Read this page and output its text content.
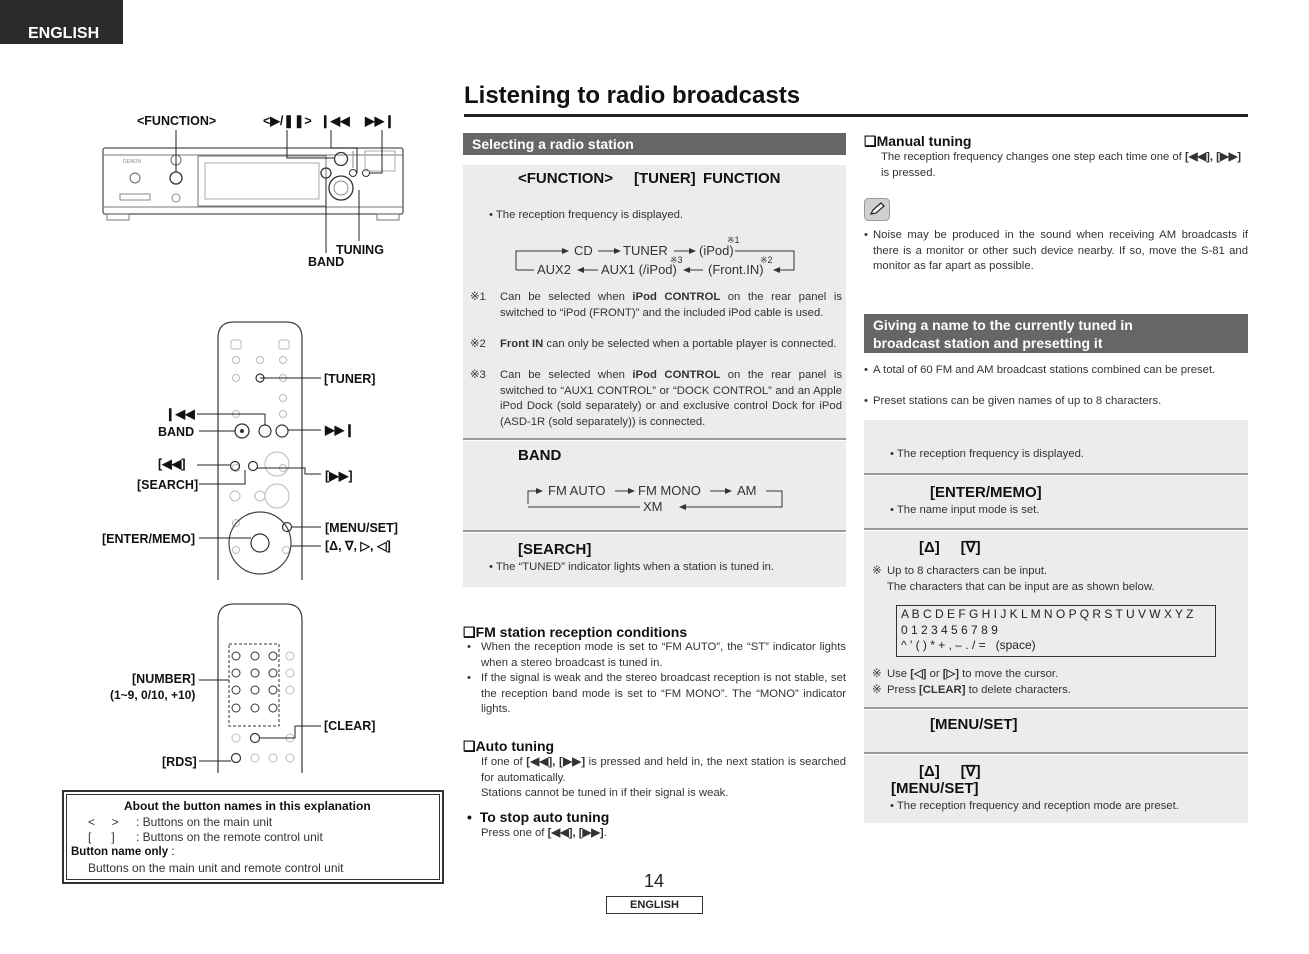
ENGLISH
Listening to radio broadcasts
<FUNCTION>	<▶/❚❚> ❙◀◀ ▶▶❙
DENON
TUNING
BAND
[TUNER]
❙◀◀
BAND	▶▶❙
[◀◀]
[SEARCH]
[▶▶]
[ENTER/MEMO]
[MENU/SET]
[Δ, ∇, ▷, ◁]
[NUMBER]
(1~9, 0/10, +10)
[CLEAR]
[RDS]
About the button names in this explanation
<     > : Buttons on the main unit
[      ] : Buttons on the remote control unit
Button name only :
Buttons on the main unit and remote control unit
Selecting a radio station
<FUNCTION> [TUNER] FUNCTION
• The reception frequency is displayed.
CD TUNER (iPod)
※1
(Front.IN)
※2
AUX1 (/iPod)
※3
AUX2
※1 Can be selected when iPod CONTROL on the rear panel is switched to “iPod (FRONT)” and the included iPod cable is used.
※2 Front IN can only be selected when a portable player is connected.
※3 Can be selected when iPod CONTROL on the rear panel is switched to “AUX1 CONTROL” or “DOCK CONTROL” and an Apple iPod Dock (sold separately) or and exclusive control Dock for iPod (ASD-1R (sold separately)) is connected.
BAND
FM AUTO FM MONO	AM
XM
[SEARCH]
• The “TUNED” indicator lights when a station is tuned in.
❑FM station reception conditions
• When the reception mode is set to “FM AUTO”, the “ST” indicator lights when a stereo broadcast is tuned in.
• If the signal is weak and the stereo broadcast reception is not stable, set the reception band mode is set to “FM MONO”. The “MONO” indicator lights.
❑Auto tuning
If one of [◀◀], [▶▶] is pressed and held in, the next station is searched for automatically.
Stations cannot be tuned in if their signal is weak.
•  To stop auto tuning
Press one of [◀◀], [▶▶].
❑Manual tuning
The reception frequency changes one step each time one of [◀◀], [▶▶] is pressed.
• Noise may be produced in the sound when receiving AM broadcasts if there is a monitor or other such device nearby. If so, move the S-81 and monitor as far apart as possible.
Giving a name to the currently tuned in
broadcast station and presetting it
• A total of 60 FM and AM broadcast stations combined can be preset.
• Preset stations can be given names of up to 8 characters.
• The reception frequency is displayed.
[ENTER/MEMO]
• The name input mode is set.
[Δ]     [∇]
※ Up to 8 characters can be input.
The characters that can be input are as shown below.
A B C D E F G H I J K L M N O P Q R S T U V W X Y Z
0 1 2 3 4 5 6 7 8 9
^ ' ( ) * + , – . / =   (space)
※ Use [◁] or [▷] to move the cursor.
※ Press [CLEAR] to delete characters.
[MENU/SET]
[Δ]     [∇]
[MENU/SET]
• The reception frequency and reception mode are preset.
14
ENGLISH
